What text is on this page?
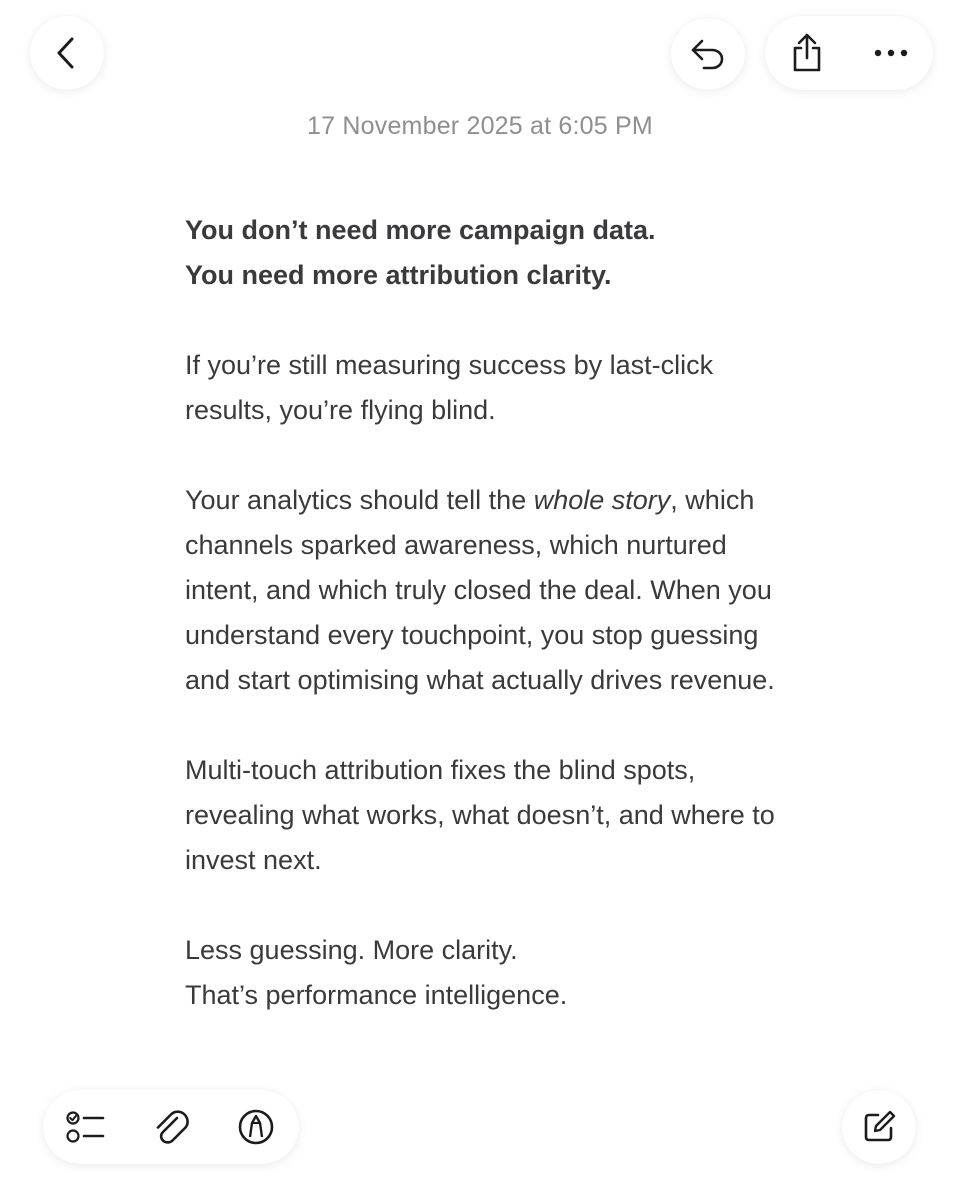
17 November 2025 at 6:05 PM

You don’t need more campaign data.

You need more attribution clarity.

If you’re still measuring success by last-click results, you’re flying blind.

Your analytics should tell the whole story, which channels sparked awareness, which nurtured intent, and which truly closed the deal. When you understand every touchpoint, you stop guessing and start optimising what actually drives revenue.

Multi-touch attribution fixes the blind spots, revealing what works, what doesn’t, and where to invest next.

Less guessing. More clarity.

That’s performance intelligence.
